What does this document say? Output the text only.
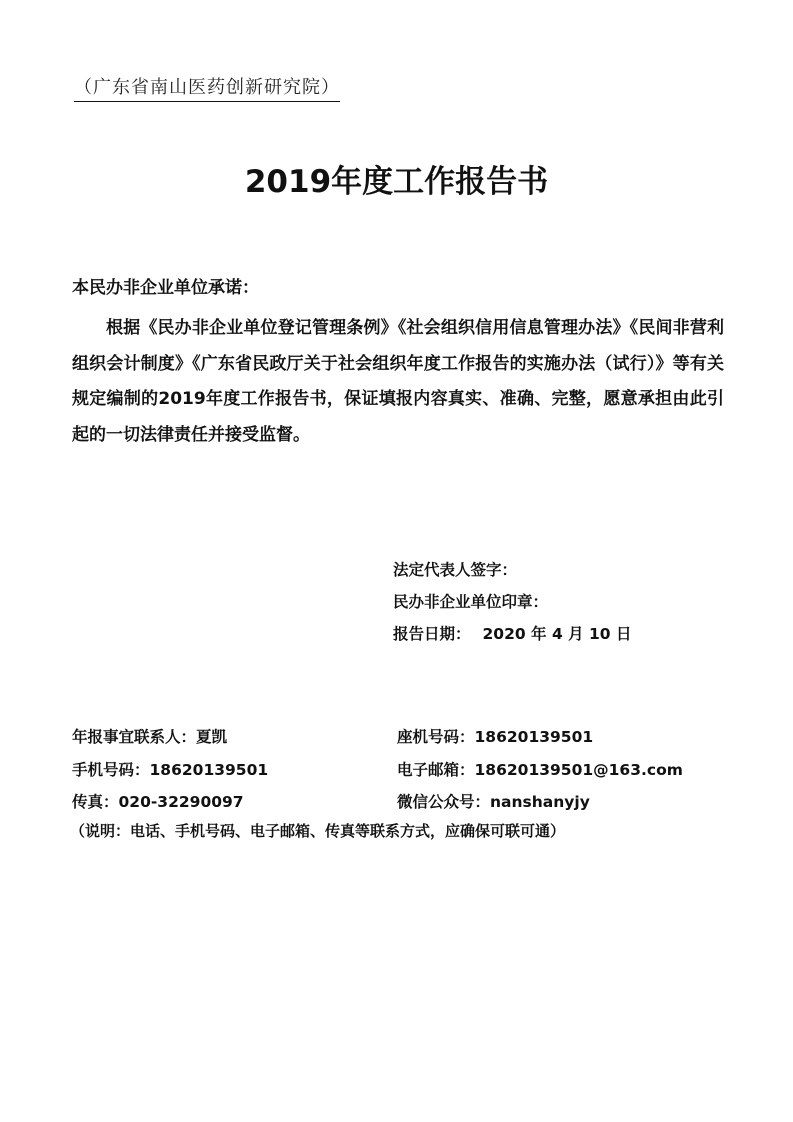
（广东省南山医药创新研究院）
2019年度工作报告书
本民办非企业单位承诺：

根据《民办非企业单位登记管理条例》《社会组织信用信息管理办法》《民间非营利组织会计制度》《广东省民政厅关于社会组织年度工作报告的实施办法（试行）》等有关规定编制的2019年度工作报告书，保证填报内容真实、准确、完整，愿意承担由此引起的一切法律责任并接受监督。

法定代表人签字：
民办非企业单位印章：
报告日期： 2020 年 4 月 10 日
年报事宜联系人：夏凯	座机号码：18620139501
手机号码：18620139501	电子邮箱：18620139501@163.com
传真：020-32290097	微信公众号：nanshanyjy
（说明：电话、手机号码、电子邮箱、传真等联系方式，应确保可联可通）
